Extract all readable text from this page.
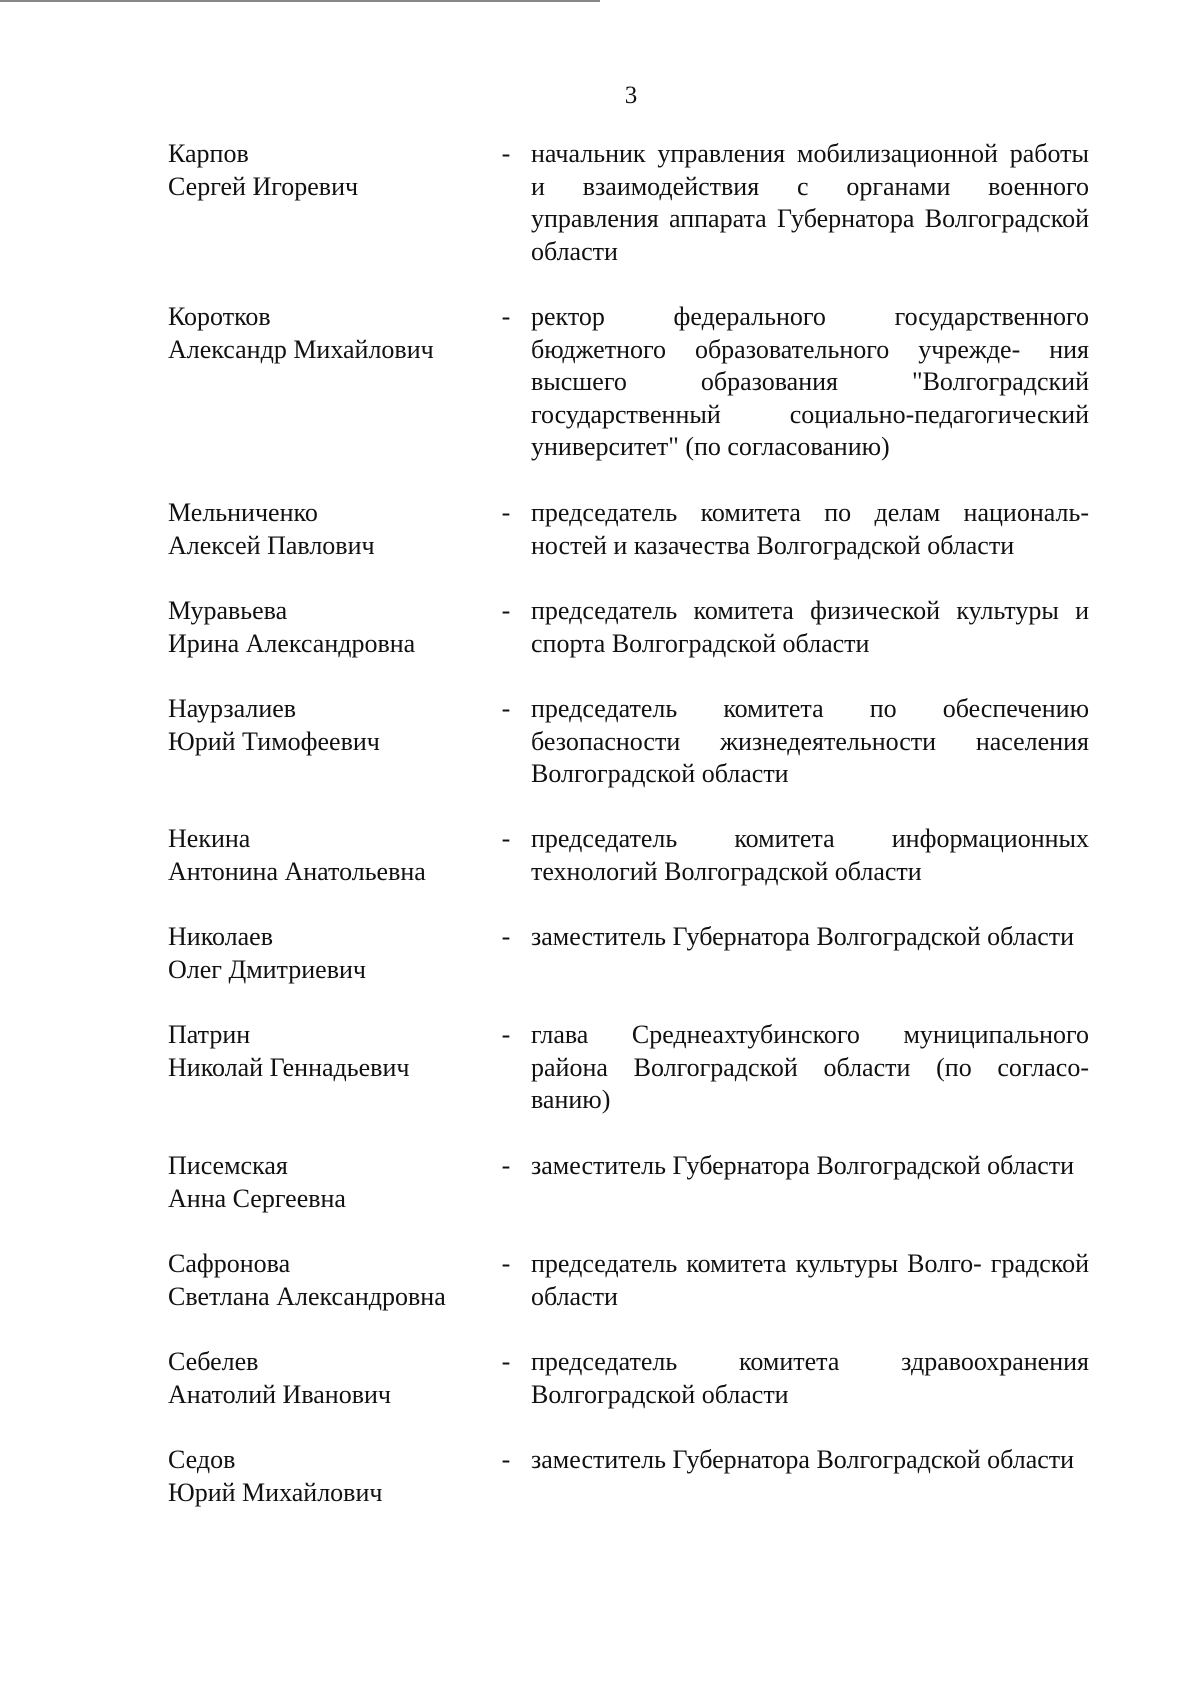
3
Карпов
Сергей Игоревич
- начальник управления мобилизационной работы и взаимодействия с органами военного управления аппарата Губернатора Волгоградской области
Коротков
Александр Михайлович
- ректор федерального государственного бюджетного образовательного учрежде- ния высшего образования "Волгоградский государственный социально-педагогический университет" (по согласованию)
Мельниченко
Алексей Павлович
- председатель комитета по делам националь- ностей и казачества Волгоградской области
Муравьева
Ирина Александровна
- председатель комитета физической культуры и спорта Волгоградской области
Наурзалиев
Юрий Тимофеевич
- председатель комитета по обеспечению безопасности жизнедеятельности населения Волгоградской области
Некина
Антонина Анатольевна
- председатель комитета информационных технологий Волгоградской области
Николаев
Олег Дмитриевич
- заместитель Губернатора Волгоградской области
Патрин
Николай Геннадьевич
- глава Среднеахтубинского муниципального района Волгоградской области (по согласо- ванию)
Писемская
Анна Сергеевна
- заместитель Губернатора Волгоградской области
Сафронова
Светлана Александровна
- председатель комитета культуры Волго- градской области
Себелев
Анатолий Иванович
- председатель комитета здравоохранения Волгоградской области
Седов
Юрий Михайлович
- заместитель Губернатора Волгоградской области
